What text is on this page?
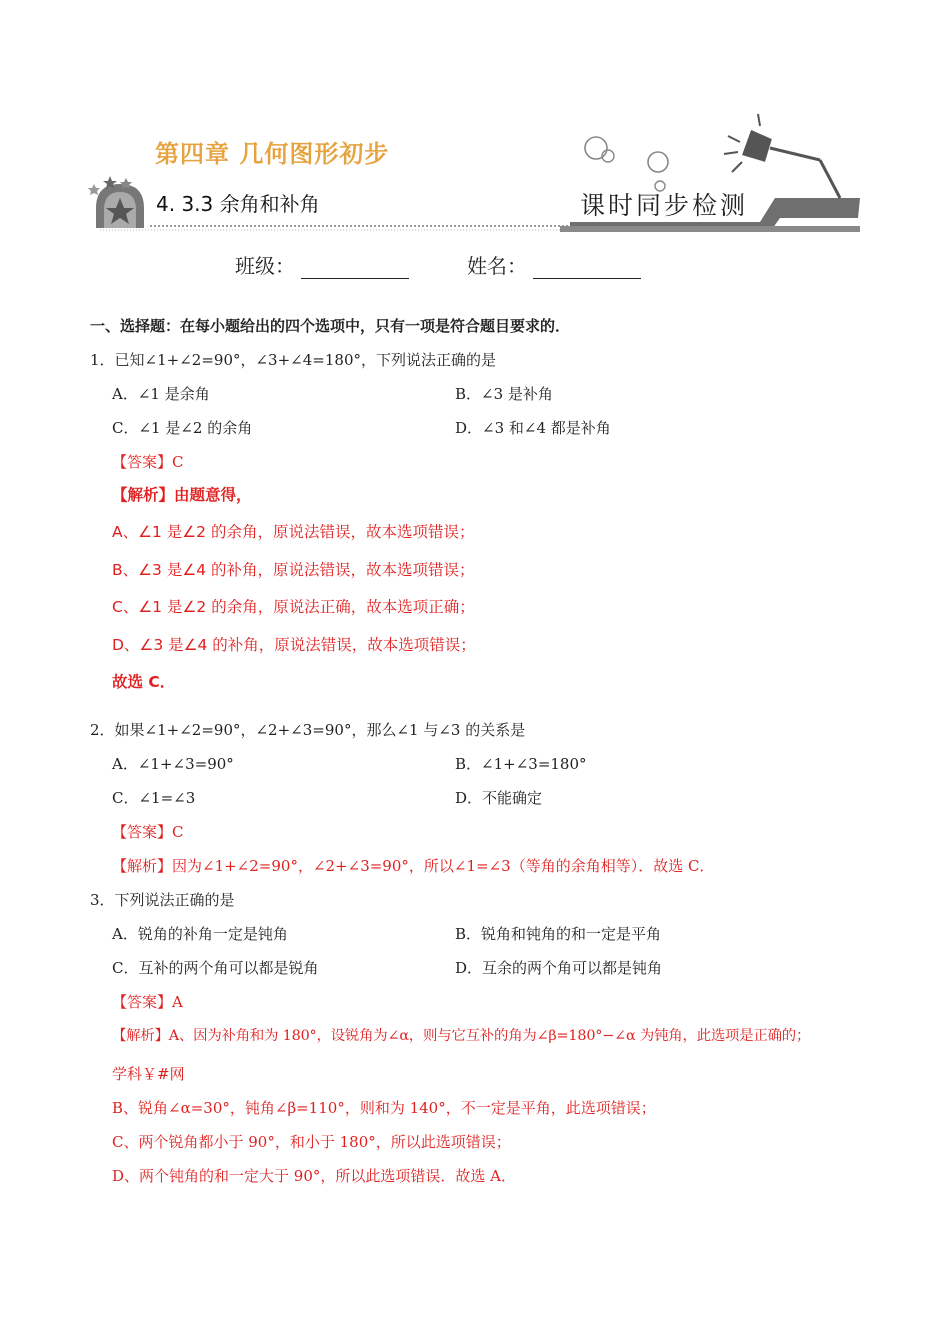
第四章 几何图形初步
4. 3.3 余角和补角	课时同步检测
班级：	姓名：
一、选择题：在每小题给出的四个选项中，只有一项是符合题目要求的．
1．已知∠1+∠2=90°，∠3+∠4=180°，下列说法正确的是
A．∠1 是余角	B．∠3 是补角
C．∠1 是∠2 的余角	D．∠3 和∠4 都是补角
【答案】C
【解析】由题意得，
A、∠1 是∠2 的余角，原说法错误，故本选项错误；
B、∠3 是∠4 的补角，原说法错误，故本选项错误；
C、∠1 是∠2 的余角，原说法正确，故本选项正确；
D、∠3 是∠4 的补角，原说法错误，故本选项错误；
故选 C．
2．如果∠1+∠2=90°，∠2+∠3=90°，那么∠1 与∠3 的关系是
A．∠1+∠3=90°	B．∠1+∠3=180°
C．∠1=∠3	D．不能确定
【答案】C
【解析】因为∠1+∠2=90°，∠2+∠3=90°，所以∠1=∠3（等角的余角相等）．故选 C．
3．下列说法正确的是
A．锐角的补角一定是钝角	B．锐角和钝角的和一定是平角
C．互补的两个角可以都是锐角	D．互余的两个角可以都是钝角
【答案】A
【解析】A、因为补角和为 180°，设锐角为∠α，则与它互补的角为∠β=180°−∠α 为钝角，此选项是正确的；
学科￥#网
B、锐角∠α=30°，钝角∠β=110°，则和为 140°，不一定是平角，此选项错误；
C、两个锐角都小于 90°，和小于 180°，所以此选项错误；
D、两个钝角的和一定大于 90°，所以此选项错误．故选 A．
